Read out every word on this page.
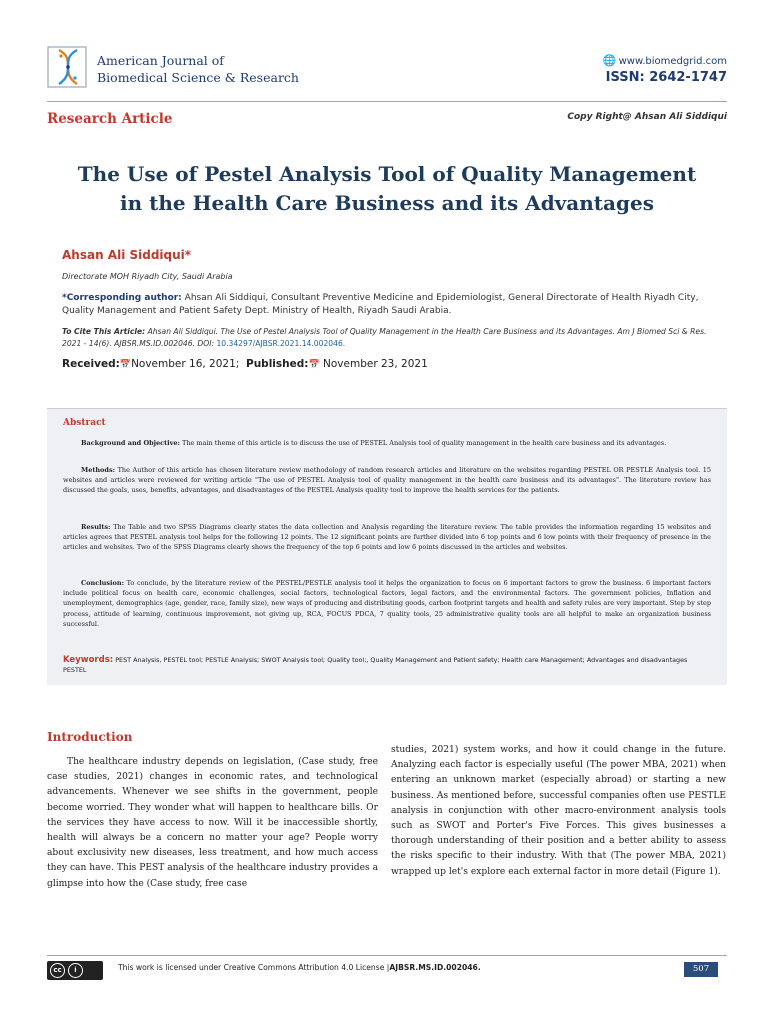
American Journal of
Biomedical Science & Research
🌐 www.biomedgrid.com
ISSN: 2642-1747
Research Article	Copy Right@ Ahsan Ali Siddiqui
The Use of Pestel Analysis Tool of Quality Management
in the Health Care Business and its Advantages
Ahsan Ali Siddiqui*
Directorate MOH Riyadh City, Saudi Arabia
*Corresponding author: Ahsan Ali Siddiqui, Consultant Preventive Medicine and Epidemiologist, General Directorate of Health Riyadh City, Quality Management and Patient Safety Dept. Ministry of Health, Riyadh Saudi Arabia.
To Cite This Article: Ahsan Ali Siddiqui. The Use of Pestel Analysis Tool of Quality Management in the Health Care Business and its Advantages. Am J Biomed Sci & Res. 2021 - 14(6). AJBSR.MS.ID.002046. DOI: 10.34297/AJBSR.2021.14.002046.
Received:📅November 16, 2021; Published:📅 November 23, 2021
Abstract

Background and Objective: The main theme of this article is to discuss the use of PESTEL Analysis tool of quality management in the health care business and its advantages.

Methods: The Author of this article has chosen literature review methodology of random research articles and literature on the websites regarding PESTEL OR PESTLE Analysis tool. 15 websites and articles were reviewed for writing article "The use of PESTEL Analysis tool of quality management in the health care business and its advantages". The literature review has discussed the goals, uses, benefits, advantages, and disadvantages of the PESTEL Analysis quality tool to improve the health services for the patients.

Results: The Table and two SPSS Diagrams clearly states the data collection and Analysis regarding the literature review. The table provides the information regarding 15 websites and articles agrees that PESTEL analysis tool helps for the following 12 points. The 12 significant points are further divided into 6 top points and 6 low points with their frequency of presence in the articles and websites. Two of the SPSS Diagrams clearly shows the frequency of the top 6 points and low 6 points discussed in the articles and websites.

Conclusion: To conclude, by the literature review of the PESTEL/PESTLE analysis tool it helps the organization to focus on 6 important factors to grow the business. 6 important factors include political focus on health care, economic challenges, social factors, technological factors, legal factors, and the environmental factors. The government policies, Inflation and unemployment, demographics (age, gender, race, family size), new ways of producing and distributing goods, carbon footprint targets and health and safety rules are very important. Step by step process, attitude of learning, continuous improvement, not giving up, RCA, FOCUS PDCA, 7 quality tools, 25 administrative quality tools are all helpful to make an organization business successful.

Keywords: PEST Analysis, PESTEL tool; PESTLE Analysis; SWOT Analysis tool; Quality tool;, Quality Management and Patient safety; Health care Management; Advantages and disadvantages PESTEL
Introduction

The healthcare industry depends on legislation, (Case study, free case studies, 2021) changes in economic rates, and technological advancements. Whenever we see shifts in the government, people become worried. They wonder what will happen to healthcare bills. Or the services they have access to now. Will it be inaccessible shortly, health will always be a concern no matter your age? People worry about exclusivity new diseases, less treatment, and how much access they can have. This PEST analysis of the healthcare industry provides a glimpse into how the (Case study, free case

studies, 2021) system works, and how it could change in the future. Analyzing each factor is especially useful (The power MBA, 2021) when entering an unknown market (especially abroad) or starting a new business. As mentioned before, successful companies often use PESTLE analysis in conjunction with other macro-environment analysis tools such as SWOT and Porter's Five Forces. This gives businesses a thorough understanding of their position and a better ability to assess the risks specific to their industry. With that (The power MBA, 2021) wrapped up let's explore each external factor in more detail (Figure 1).

cc	i	This work is licensed under Creative Commons Attribution 4.0 License |AJBSR.MS.ID.002046.	507
